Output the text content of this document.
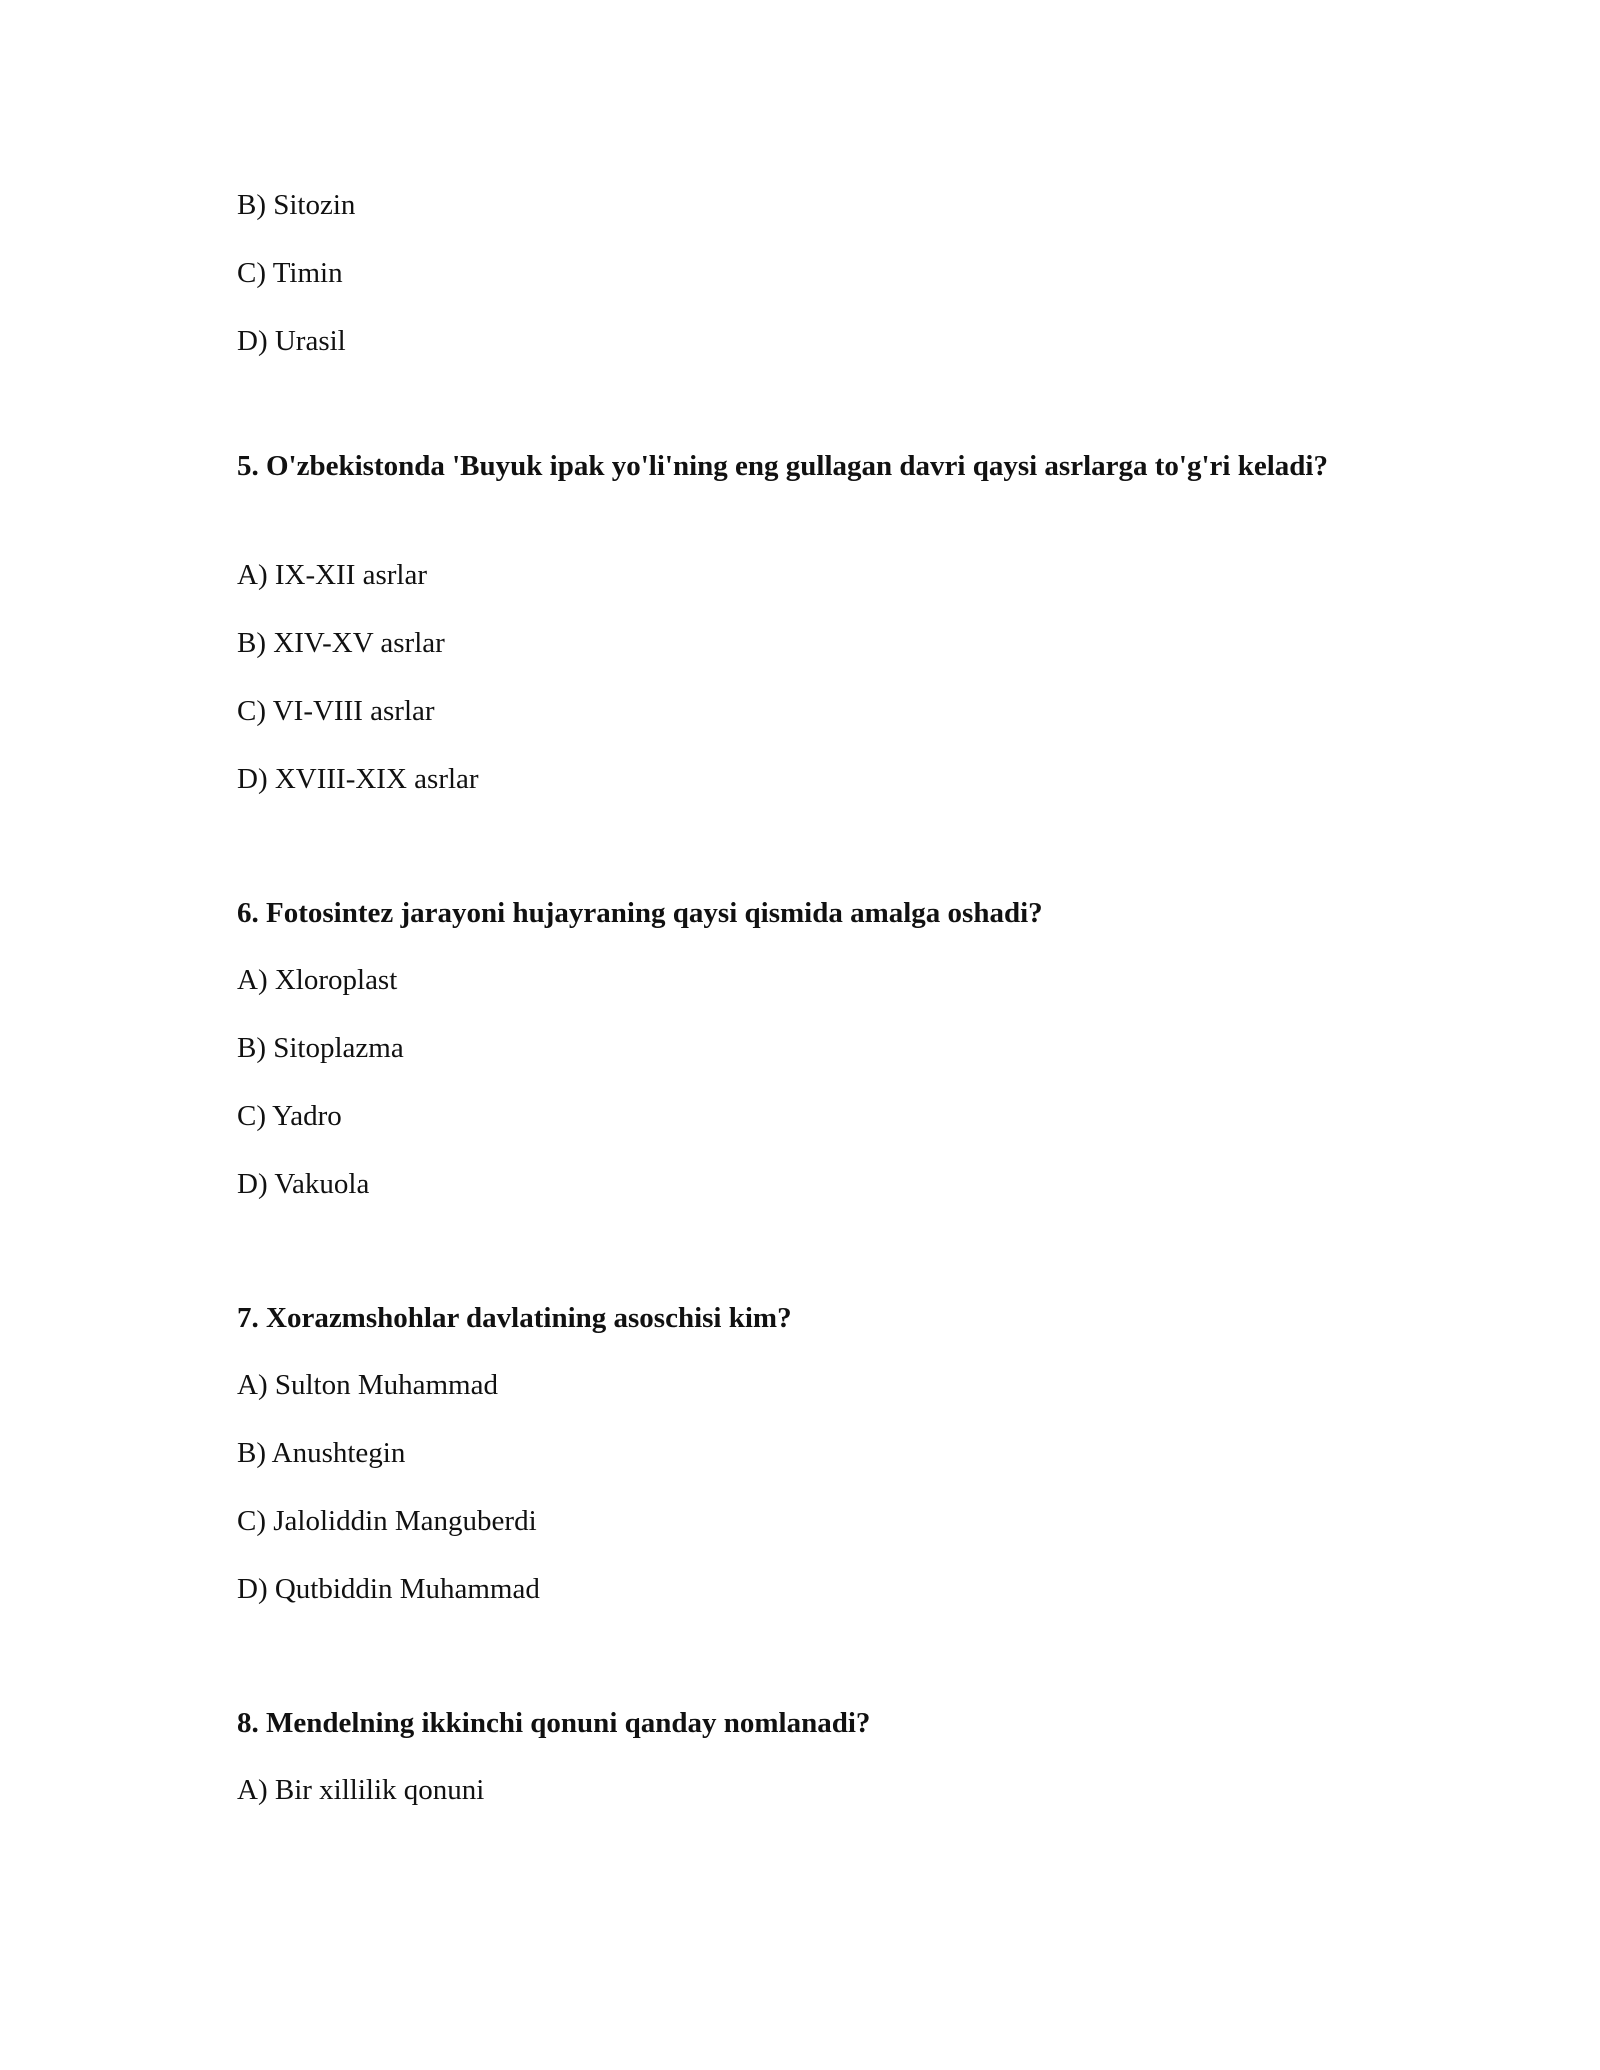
B) Sitozin
C) Timin
D) Urasil

5. O'zbekistonda 'Buyuk ipak yo'li'ning eng gullagan davri qaysi asrlarga to'g'ri keladi?

A) IX-XII asrlar
B) XIV-XV asrlar
C) VI-VIII asrlar
D) XVIII-XIX asrlar

6. Fotosintez jarayoni hujayraning qaysi qismida amalga oshadi?

A) Xloroplast
B) Sitoplazma
C) Yadro
D) Vakuola

7. Xorazmshohlar davlatining asoschisi kim?

A) Sulton Muhammad
B) Anushtegin
C) Jaloliddin Manguberdi
D) Qutbiddin Muhammad

8. Mendelning ikkinchi qonuni qanday nomlanadi?

A) Bir xillilik qonuni
